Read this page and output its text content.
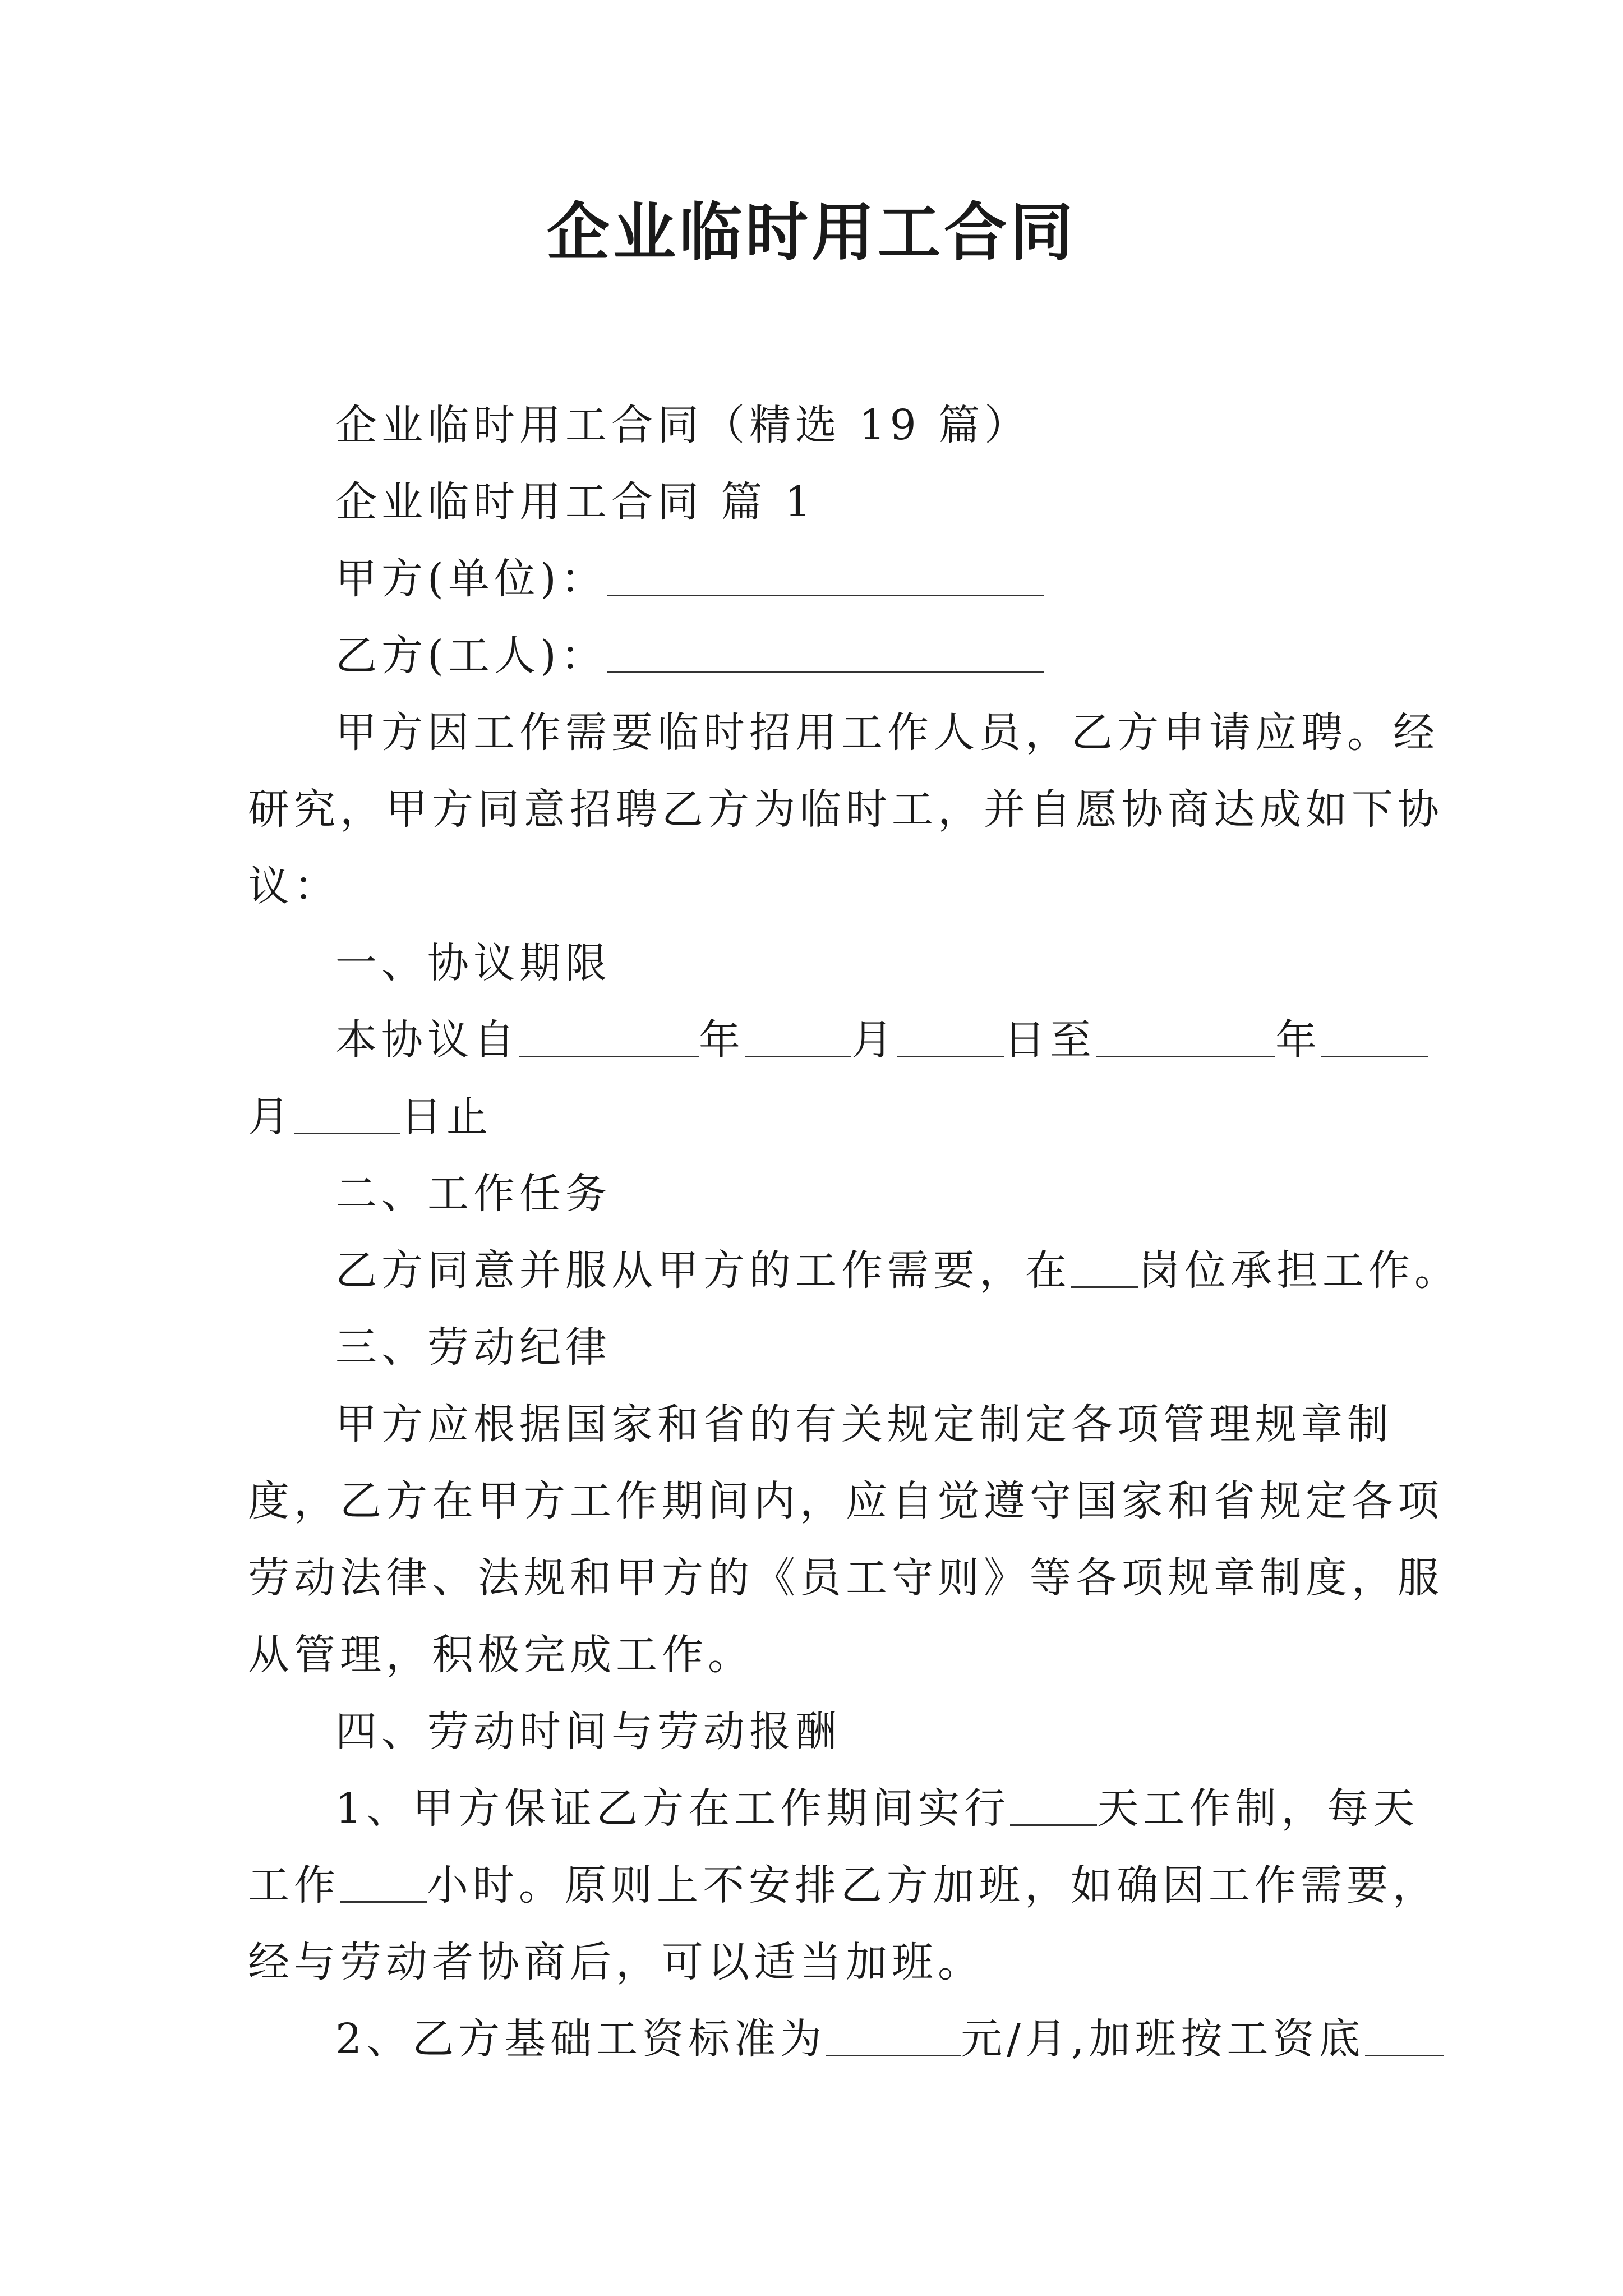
企业临时用工合同

企业临时用工合同（精选 19 篇）

企业临时用工合同 篇 1

甲方(单位)：

乙方(工人)：

甲方因工作需要临时招用工作人员，乙方申请应聘。经

研究，甲方同意招聘乙方为临时工，并自愿协商达成如下协

议：

一、协议期限

本协议自	年	月	日至	年

月	日止

二、工作任务

乙方同意并服从甲方的工作需要，在 岗位承担工作。

三、劳动纪律

甲方应根据国家和省的有关规定制定各项管理规章制

度，乙方在甲方工作期间内，应自觉遵守国家和省规定各项

劳动法律、法规和甲方的《员工守则》等各项规章制度，服

从管理，积极完成工作。

四、劳动时间与劳动报酬

1、甲方保证乙方在工作期间实行 天工作制，每天

工作 小时。原则上不安排乙方加班，如确因工作需要，

经与劳动者协商后，可以适当加班。

2、乙方基础工资标准为	元/月,加班按工资底
